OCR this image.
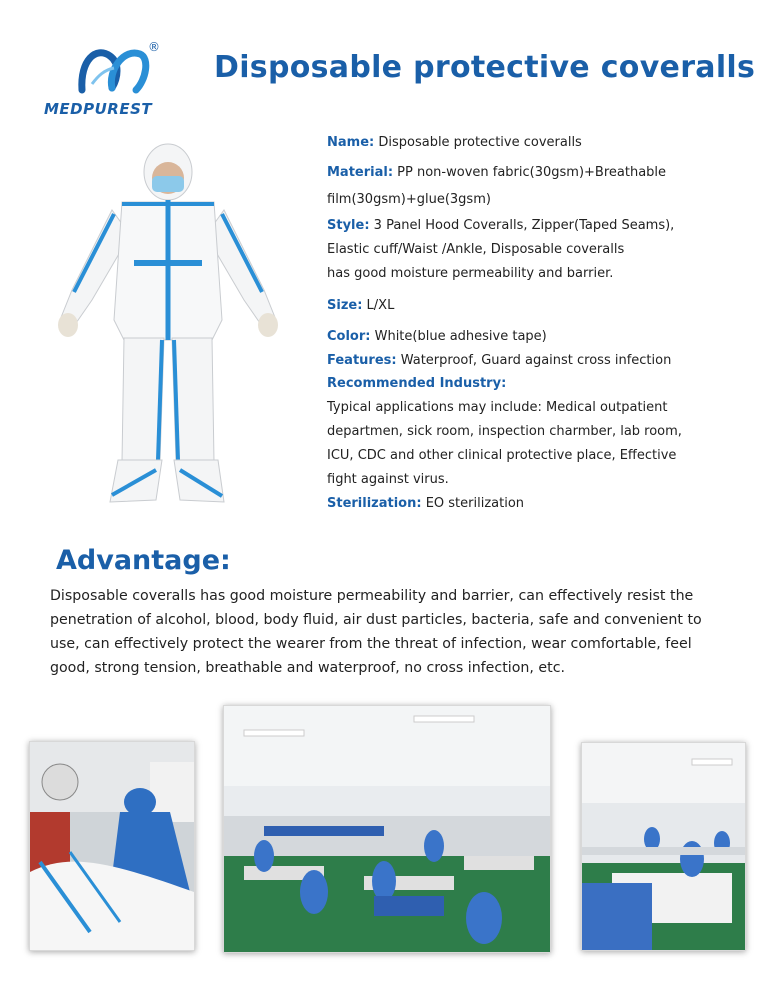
®
MEDPUREST
Disposable protective coveralls
Name: Disposable protective coveralls
Material: PP non-woven fabric(30gsm)+Breathable
film(30gsm)+glue(3gsm)
Style: 3 Panel Hood Coveralls, Zipper(Taped Seams),
Elastic cuff/Waist /Ankle, Disposable coveralls
has good moisture permeability and barrier.
Size: L/XL
Color: White(blue adhesive tape)
Features: Waterproof, Guard against cross infection
Recommended Industry:
Typical applications may include: Medical outpatient
departmen, sick room, inspection charmber, lab room,
ICU, CDC and other clinical protective place, Effective
fight against virus.
Sterilization: EO sterilization
Advantage:
Disposable coveralls has good moisture permeability and barrier, can effectively resist the
penetration of alcohol, blood, body fluid, air dust particles, bacteria, safe and convenient to
use, can effectively protect the wearer from the threat of infection, wear comfortable, feel
good, strong tension, breathable and waterproof, no cross infection, etc.
